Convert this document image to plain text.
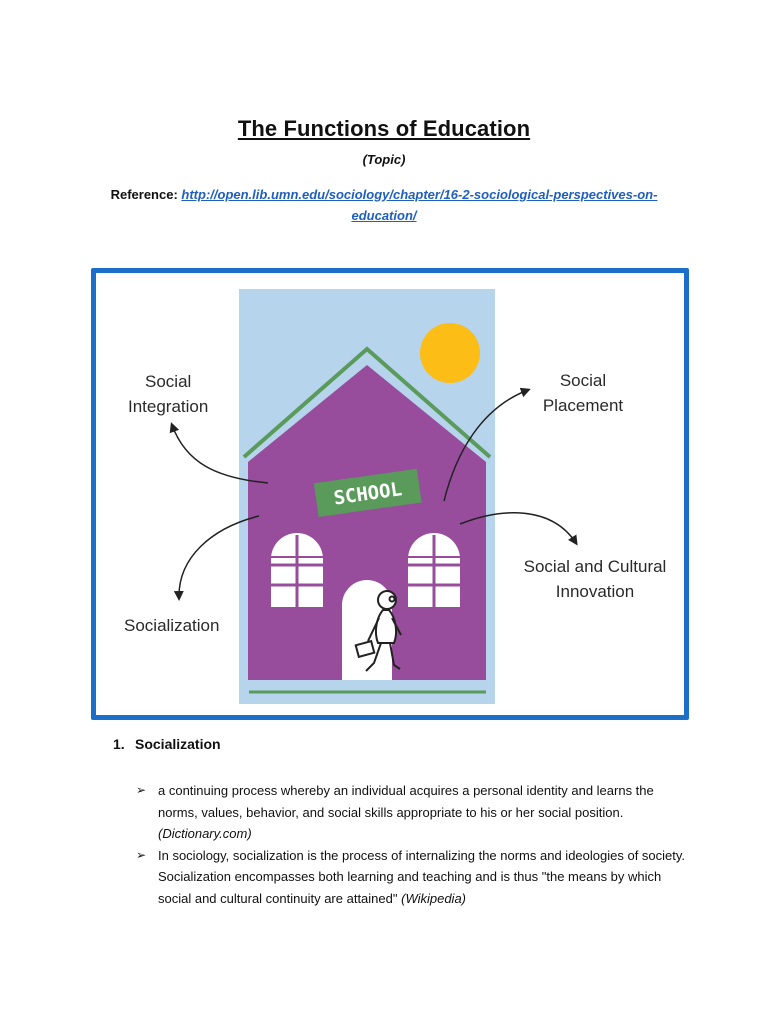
The Functions of Education
(Topic)
Reference: http://open.lib.umn.edu/sociology/chapter/16-2-sociological-perspectives-on-education/
SCHOOL
Social
Integration
Social
Placement
Social and Cultural
Innovation
Socialization
1. Socialization
➢ a continuing process whereby an individual acquires a personal identity and learns the norms, values, behavior, and social skills appropriate to his or her social position. (Dictionary.com)
➢ In sociology, socialization is the process of internalizing the norms and ideologies of society. Socialization encompasses both learning and teaching and is thus "the means by which social and cultural continuity are attained" (Wikipedia)
